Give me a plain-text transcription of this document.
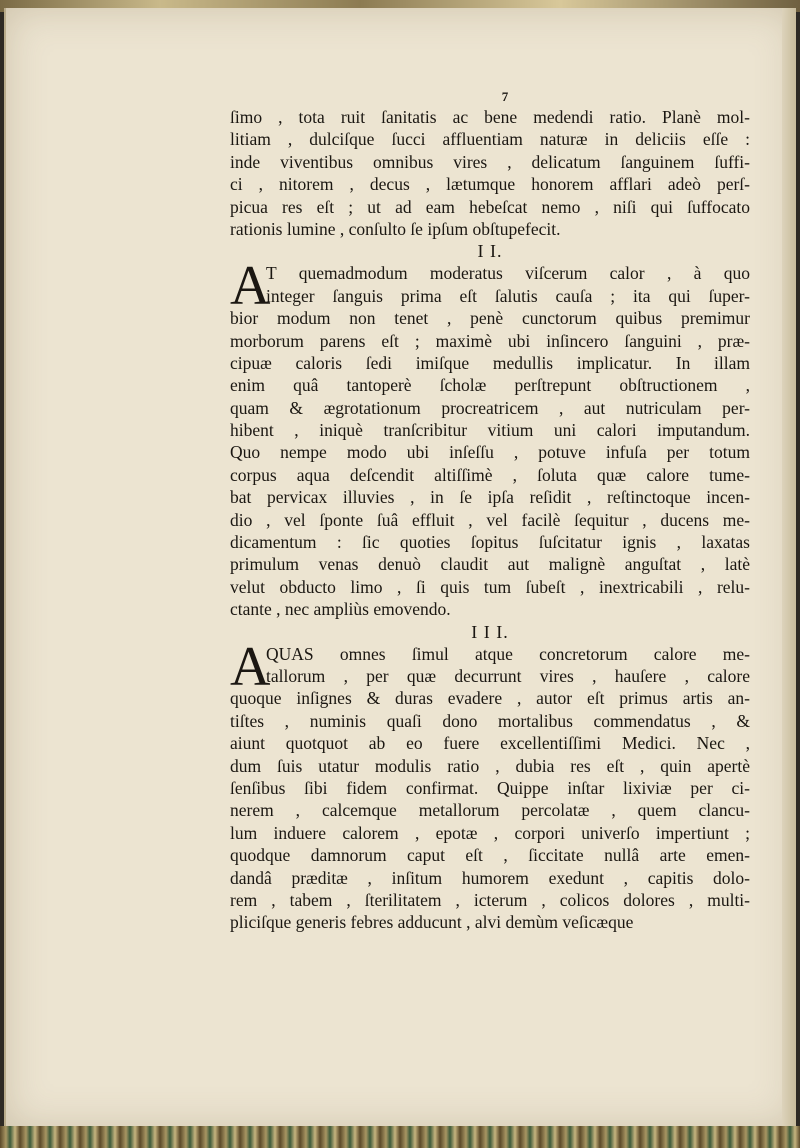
7
ſimo , tota ruit ſanitatis ac bene medendi ratio. Planè mol-
litiam , dulciſque ſucci affluentiam naturæ in deliciis eſſe :
inde viventibus omnibus vires , delicatum ſanguinem ſuffi-
ci , nitorem , decus , lætumque honorem afflari adeò perſ-
picua res eſt ; ut ad eam hebeſcat nemo , niſi qui ſuffocato
rationis lumine , conſulto ſe ipſum obſtupefecit.
I I.
A
T quemadmodum moderatus viſcerum calor , à quo
integer ſanguis prima eſt ſalutis cauſa ; ita qui ſuper-
bior modum non tenet , penè cunctorum quibus premimur
morborum parens eſt ; maximè ubi inſincero ſanguini , præ-
cipuæ caloris ſedi imiſque medullis implicatur. In illam
enim quâ tantoperè ſcholæ perſtrepunt obſtructionem ,
quam & ægrotationum procreatricem , aut nutriculam per-
hibent , iniquè tranſcribitur vitium uni calori imputandum.
Quo nempe modo ubi inſeſſu , potuve infuſa per totum
corpus aqua deſcendit altiſſimè , ſoluta quæ calore tume-
bat pervicax illuvies , in ſe ipſa reſidit , reſtinctoque incen-
dio , vel ſponte ſuâ effluit , vel facilè ſequitur , ducens me-
dicamentum : ſic quoties ſopitus ſuſcitatur ignis , laxatas
primulum venas denuò claudit aut malignè anguſtat , latè
velut obducto limo , ſi quis tum ſubeſt , inextricabili , relu-
ctante , nec ampliùs emovendo.
I I I.
A
QUAS omnes ſimul atque concretorum calore me-
tallorum , per quæ decurrunt vires , hauſere , calore
quoque inſignes & duras evadere , autor eſt primus artis an-
tiſtes , numinis quaſi dono mortalibus commendatus , &
aiunt quotquot ab eo fuere excellentiſſimi Medici. Nec ,
dum ſuis utatur modulis ratio , dubia res eſt , quin apertè
ſenſibus ſibi fidem confirmat. Quippe inſtar lixiviæ per ci-
nerem , calcemque metallorum percolatæ , quem clancu-
lum induere calorem , epotæ , corpori univerſo impertiunt ;
quodque damnorum caput eſt , ſiccitate nullâ arte emen-
dandâ præditæ , inſitum humorem exedunt , capitis dolo-
rem , tabem , ſterilitatem , icterum , colicos dolores , multi-
pliciſque generis febres adducunt , alvi demùm veſicæque
